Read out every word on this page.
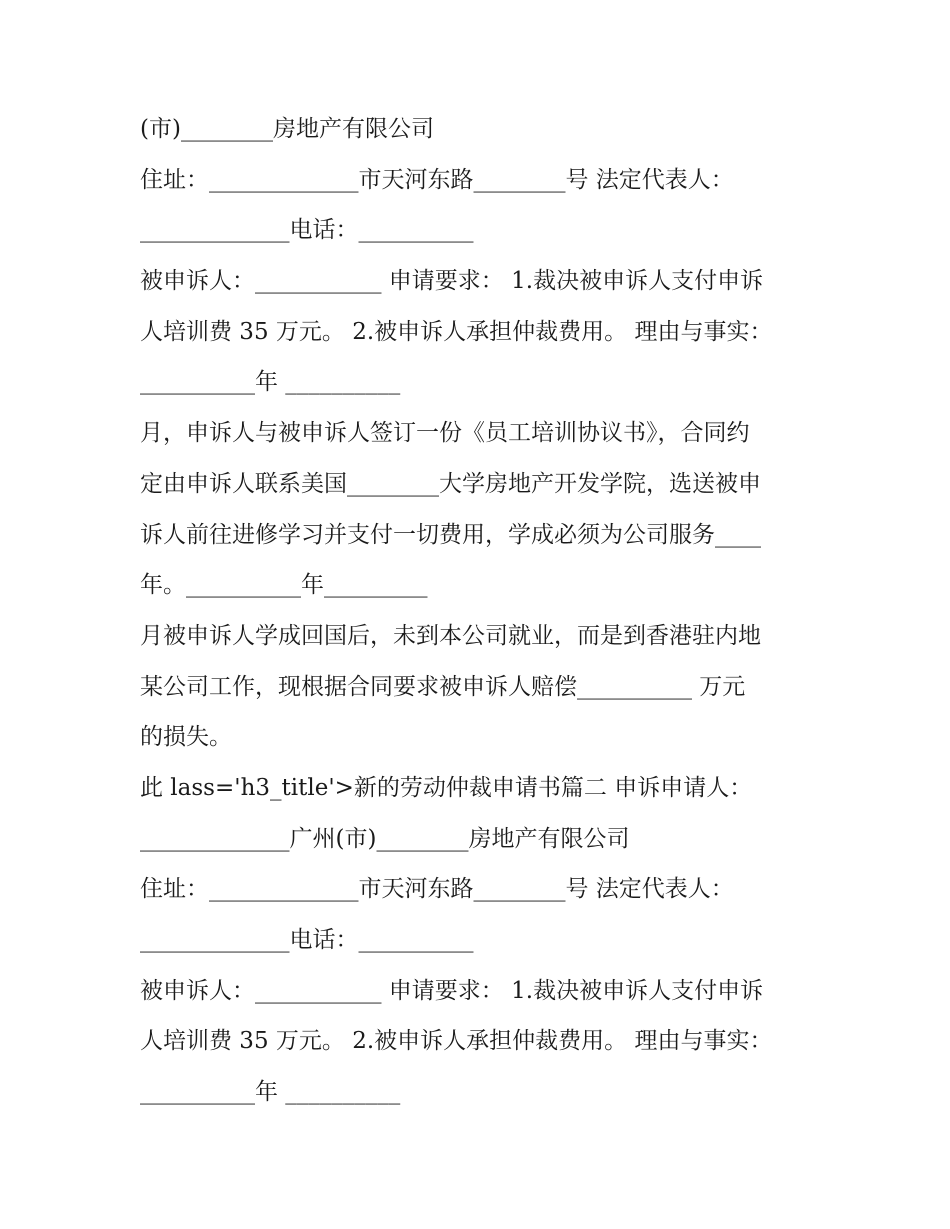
(市)________房地产有限公司
住址：_____________市天河东路________号 法定代表人：
_____________电话：__________
被申诉人：___________ 申请要求： 1.裁决被申诉人支付申诉
人培训费 35 万元。 2.被申诉人承担仲裁费用。 理由与事实：
__________年 __________
月，申诉人与被申诉人签订一份《员工培训协议书》，合同约
定由申诉人联系美国________大学房地产开发学院，选送被申
诉人前往进修学习并支付一切费用，学成必须为公司服务____
年。__________年_________
月被申诉人学成回国后，未到本公司就业，而是到香港驻内地
某公司工作，现根据合同要求被申诉人赔偿__________ 万元
的损失。
此 lass='h3_title'>新的劳动仲裁申请书篇二 申诉申请人：
_____________广州(市)________房地产有限公司
住址：_____________市天河东路________号 法定代表人：
_____________电话：__________
被申诉人：___________ 申请要求： 1.裁决被申诉人支付申诉
人培训费 35 万元。 2.被申诉人承担仲裁费用。 理由与事实：
__________年 __________
